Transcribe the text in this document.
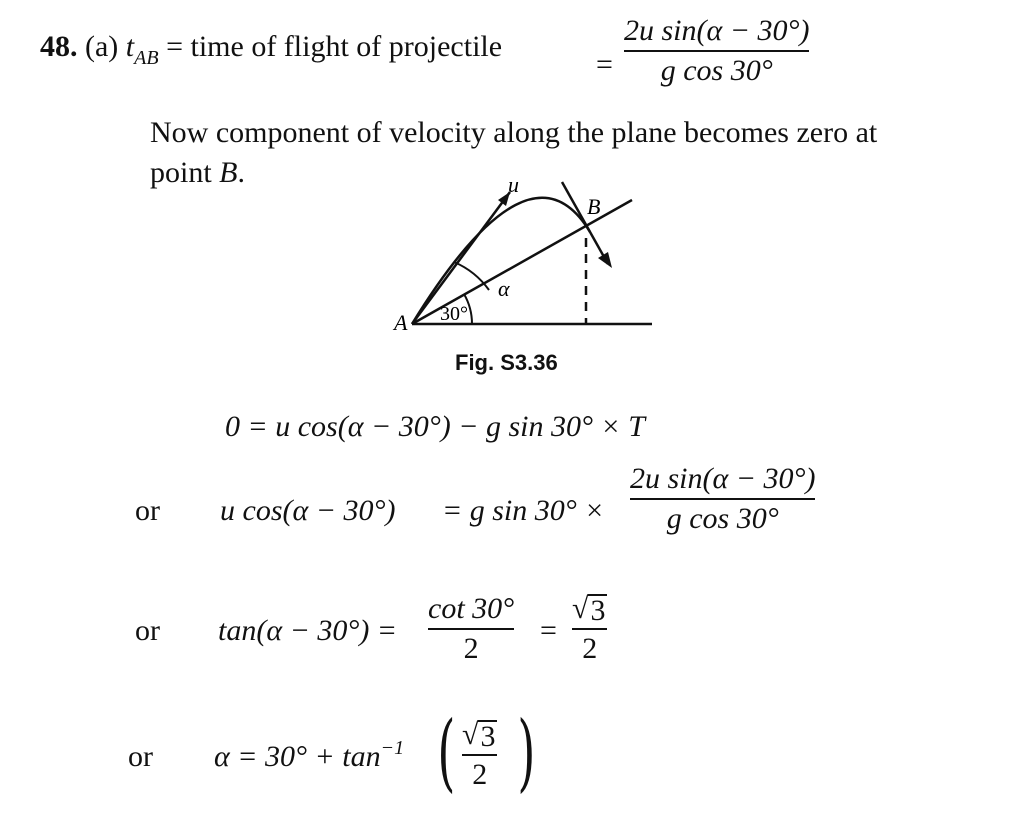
48. (a) $t_{AB}$ = time of flight of projectile
=
2u sin(α − 30°)
g cos 30°
Now component of velocity along the plane becomes zero at
point B.	u
B
A
α
30°
Fig. S3.36
0 = u cos(α − 30°) − g sin 30° × T
or u cos(α − 30°) = g sin 30° ×
2u sin(α − 30°)
g cos 30°
or tan(α − 30°) =
cot 30°
2
=
√ 3
2
or $\alpha = 30^\circ + \tan^{-1}$ ( √ 3
2 )
